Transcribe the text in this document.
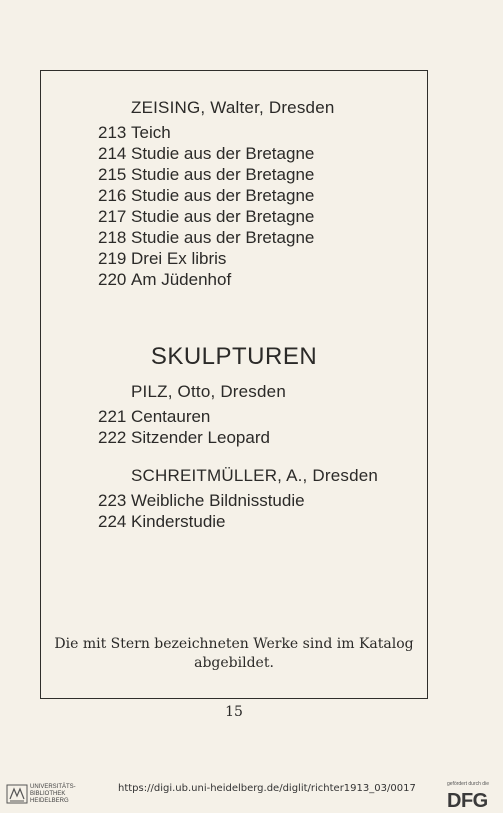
ZEISING, Walter, Dresden
213 Teich
214 Studie aus der Bretagne
215 Studie aus der Bretagne
216 Studie aus der Bretagne
217 Studie aus der Bretagne
218 Studie aus der Bretagne
219 Drei Ex libris
220 Am Jüdenhof
SKULPTUREN
PILZ, Otto, Dresden
221 Centauren
222 Sitzender Leopard
SCHREITMÜLLER, A., Dresden
223 Weibliche Bildnisstudie
224 Kinderstudie
Die mit Stern bezeichneten Werke sind im Katalog
abgebildet.
15
UNIVERSITÄTS-
BIBLIOTHEK
HEIDELBERG
https://digi.ub.uni-heidelberg.de/diglit/richter1913_03/0017	gefördert durch die
DFG
